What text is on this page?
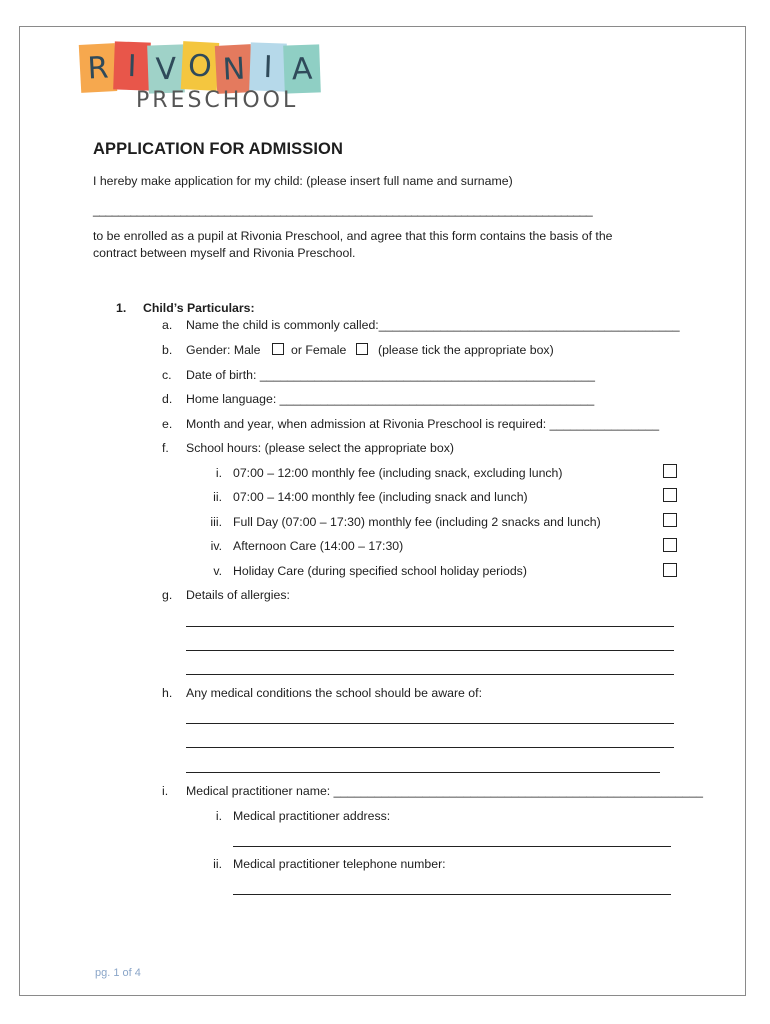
R I V O N I A
PRESCHOOL
APPLICATION FOR ADMISSION
I hereby make application for my child: (please insert full name and surname)
________________________________________________________________________________
to be enrolled as a pupil at Rivonia Preschool, and agree that this form contains the basis of the
contract between myself and Rivonia Preschool.
1. Child’s Particulars:
a. Name the child is commonly called:____________________________________________
b. Gender: Male or Female	(please tick the appropriate box)
c. Date of birth: _________________________________________________
d. Home language: ______________________________________________
e. Month and year, when admission at Rivonia Preschool is required: ________________
f. School hours: (please select the appropriate box)
i. 07:00 – 12:00 monthly fee (including snack, excluding lunch)
ii. 07:00 – 14:00 monthly fee (including snack and lunch)
iii. Full Day (07:00 – 17:30) monthly fee (including 2 snacks and lunch)
iv. Afternoon Care (14:00 – 17:30)
v. Holiday Care (during specified school holiday periods)
g. Details of allergies:
h. Any medical conditions the school should be aware of:
i. Medical practitioner name: ______________________________________________________
i. Medical practitioner address:
ii. Medical practitioner telephone number:
pg. 1 of 4
